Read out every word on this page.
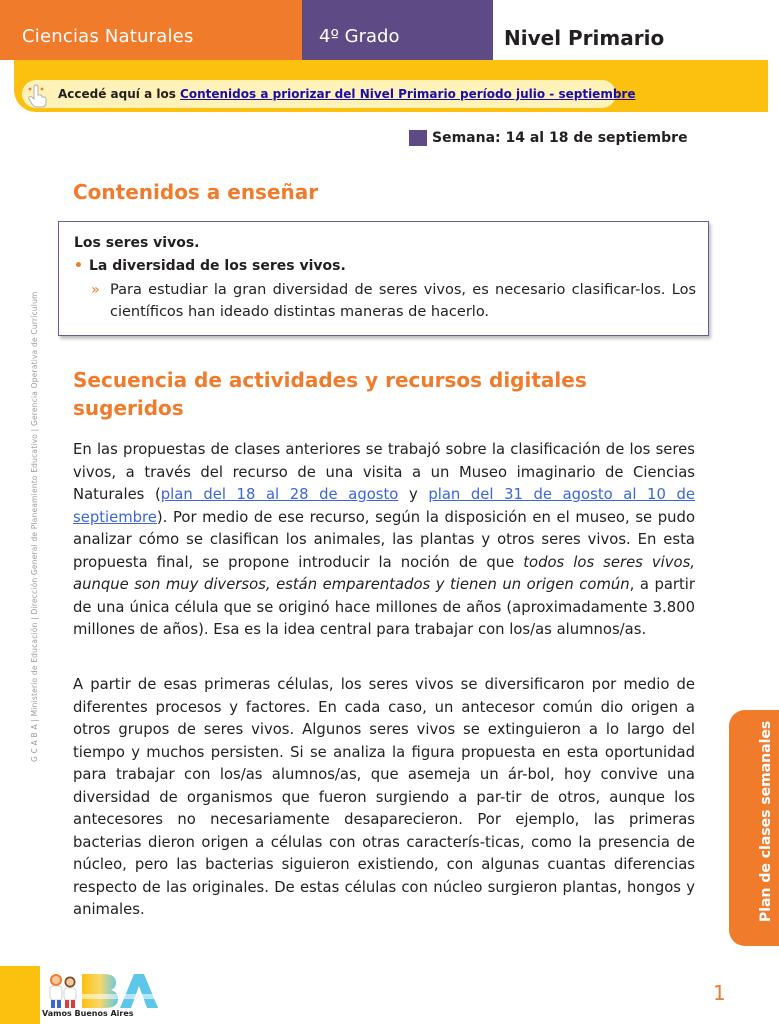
Ciencias Naturales	4º Grado	Nivel Primario
Accedé aquí a los Contenidos a priorizar del Nivel Primario período julio - septiembre
Semana: 14 al 18 de septiembre
Contenidos a enseñar
Los seres vivos.
• La diversidad de los seres vivos.
» Para estudiar la gran diversidad de seres vivos, es necesario clasificar-los. Los científicos han ideado distintas maneras de hacerlo.
Secuencia de actividades y recursos digitales
sugeridos

En las propuestas de clases anteriores se trabajó sobre la clasificación de los seres vivos, a través del recurso de una visita a un Museo imaginario de Ciencias Naturales (plan del 18 al 28 de agosto y plan del 31 de agosto al 10 de septiembre). Por medio de ese recurso, según la disposición en el museo, se pudo analizar cómo se clasifican los animales, las plantas y otros seres vivos. En esta propuesta final, se propone introducir la noción de que todos los seres vivos, aunque son muy diversos, están emparentados y tienen un origen común, a partir de una única célula que se originó hace millones de años (aproximadamente 3.800 millones de años). Esa es la idea central para trabajar con los/as alumnos/as.

A partir de esas primeras células, los seres vivos se diversificaron por medio de diferentes procesos y factores. En cada caso, un antecesor común dio origen a otros grupos de seres vivos. Algunos seres vivos se extinguieron a lo largo del tiempo y muchos persisten. Si se analiza la figura propuesta en esta oportunidad para trabajar con los/as alumnos/as, que asemeja un ár-bol, hoy convive una diversidad de organismos que fueron surgiendo a par-tir de otros, aunque los antecesores no necesariamente desaparecieron. Por ejemplo, las primeras bacterias dieron origen a células con otras caracterís-ticas, como la presencia de núcleo, pero las bacterias siguieron existiendo, con algunas cuantas diferencias respecto de las originales. De estas células con núcleo surgieron plantas, hongos y animales.

G C A B A | Ministerio de Educación | Dirección General de Planeamiento Educativo | Gerencia Operativa de Currículum
Plan de clases semanales
Vamos Buenos Aires
1
